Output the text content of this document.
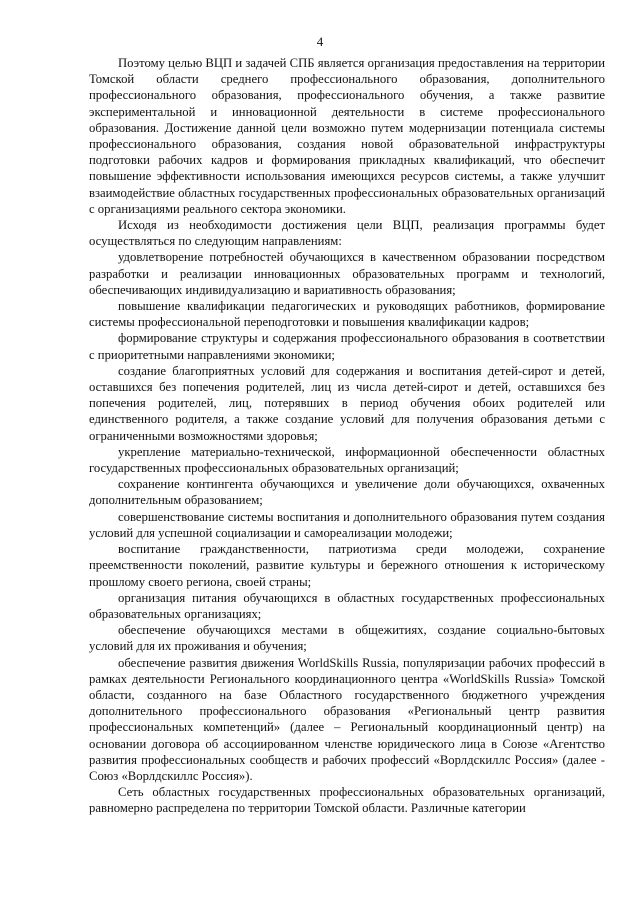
4

Поэтому целью ВЦП и задачей СПБ является организация предоставления на территории Томской области среднего профессионального образования, дополнительного профессионального образования, профессионального обучения, а также развитие экспериментальной и инновационной деятельности в системе профессионального образования. Достижение данной цели возможно путем модернизации потенциала системы профессионального образования, создания новой образовательной инфраструктуры подготовки рабочих кадров и формирования прикладных квалификаций, что обеспечит повышение эффективности использования имеющихся ресурсов системы, а также улучшит взаимодействие областных государственных профессиональных образовательных организаций с организациями реального сектора экономики.

Исходя из необходимости достижения цели ВЦП, реализация программы будет осуществляться по следующим направлениям:

удовлетворение потребностей обучающихся в качественном образовании посредством разработки и реализации инновационных образовательных программ и технологий, обеспечивающих индивидуализацию и вариативность образования;

повышение квалификации педагогических и руководящих работников, формирование системы профессиональной переподготовки и повышения квалификации кадров;

формирование структуры и содержания профессионального образования в соответствии с приоритетными направлениями экономики;

создание благоприятных условий для содержания и воспитания детей-сирот и детей, оставшихся без попечения родителей, лиц из числа детей-сирот и детей, оставшихся без попечения родителей, лиц, потерявших в период обучения обоих родителей или единственного родителя, а также создание условий для получения образования детьми с ограниченными возможностями здоровья;

укрепление материально-технической, информационной обеспеченности областных государственных профессиональных образовательных организаций;

сохранение контингента обучающихся и увеличение доли обучающихся, охваченных дополнительным образованием;

совершенствование системы воспитания и дополнительного образования путем создания условий для успешной социализации и самореализации молодежи;

воспитание гражданственности, патриотизма среди молодежи, сохранение преемственности поколений, развитие культуры и бережного отношения к историческому прошлому своего региона, своей страны;

организация питания обучающихся в областных государственных профессиональных образовательных организациях;

обеспечение обучающихся местами в общежитиях, создание социально-бытовых условий для их проживания и обучения;

обеспечение развития движения WorldSkills Russia, популяризации рабочих профессий в рамках деятельности Регионального координационного центра «WorldSkills Russia» Томской области, созданного на базе Областного государственного бюджетного учреждения дополнительного профессионального образования «Региональный центр развития профессиональных компетенций» (далее – Региональный координационный центр) на основании договора об ассоциированном членстве юридического лица в Союзе «Агентство развития профессиональных сообществ и рабочих профессий «Ворлдскиллс Россия» (далее - Союз «Ворлдскиллс Россия»).

Сеть областных государственных профессиональных образовательных организаций, равномерно распределена по территории Томской области. Различные категории
